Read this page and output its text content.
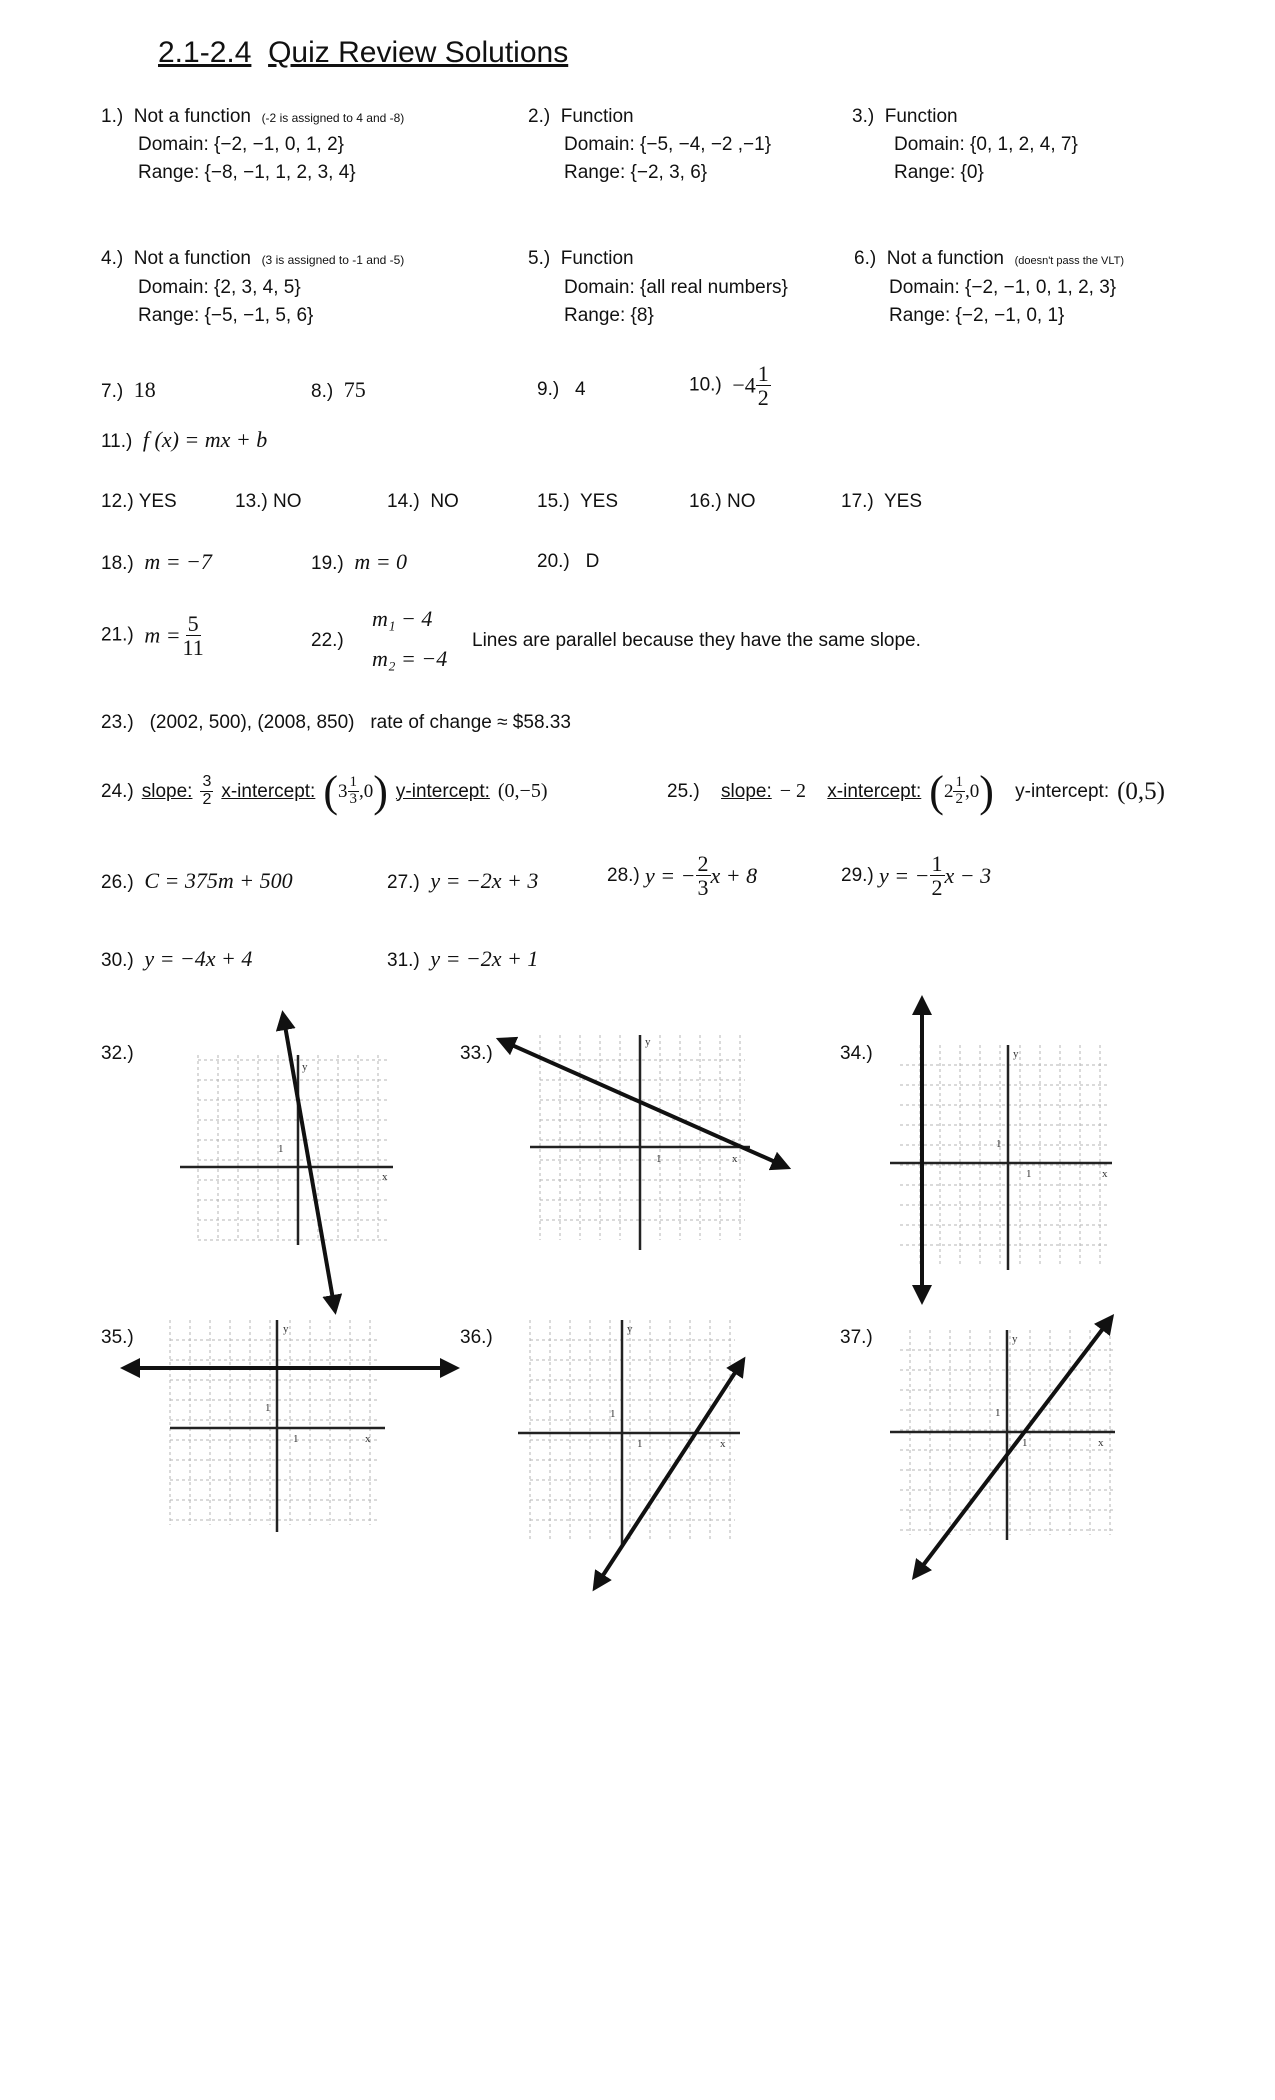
2.1-2.4 Quiz Review Solutions
1.) Not a function (-2 is assigned to 4 and -8)
Domain: {−2, −1, 0, 1, 2}
Range: {−8, −1, 1, 2, 3, 4}
2.) Function
Domain: {−5, −4, −2 ,−1}
Range: {−2, 3, 6}
3.) Function
Domain: {0, 1, 2, 4, 7}
Range: {0}
4.) Not a function (3 is assigned to -1 and -5)
Domain: {2, 3, 4, 5}
Range: {−5, −1, 5, 6}
5.) Function
Domain: {all real numbers}
Range: {8}
6.) Not a function (doesn't pass the VLT)
Domain: {−2, −1, 0, 1, 2, 3}
Range: {−2, −1, 0, 1}
7.) 18	8.) 75	9.) 4	$10.) -4 \frac{1}{2}$
11.) f (x) = mx + b
12.) YES	13.) NO	14.) NO	15.) YES	16.) NO	17.) YES
18.) m = −7	19.) m = 0	20.) D
21.) $m = \frac{5}{11}$	22.)
m₁ − 4
m₂ = −4
Lines are parallel because they have the same slope.
23.) (2002, 500), (2008, 850)   rate of change ≈ $58.33
24.) slope: $\frac{3}{2}$ x-intercept: ( $3 \frac{1}{3} ,0$ ) y-intercept: (0,−5)	25.)
slope: − 2
x-intercept: ( $2 \frac{1}{2} ,0$ )
y-intercept: (0,5)
26.) C = 375m + 500	27.) y = −2x + 3	28.)
y = − $\frac{2}{3}$ x + 8	29.)
y = − $\frac{1}{2}$ x − 3
30.) y = −4x + 4	31.) y = −2x + 1
32.)	33.)	34.)
35.)	36.)	37.)
y
x
1
y
x
1
y
x
1
1
y
x
1
1
y
x
1
1
y
x
1
1
